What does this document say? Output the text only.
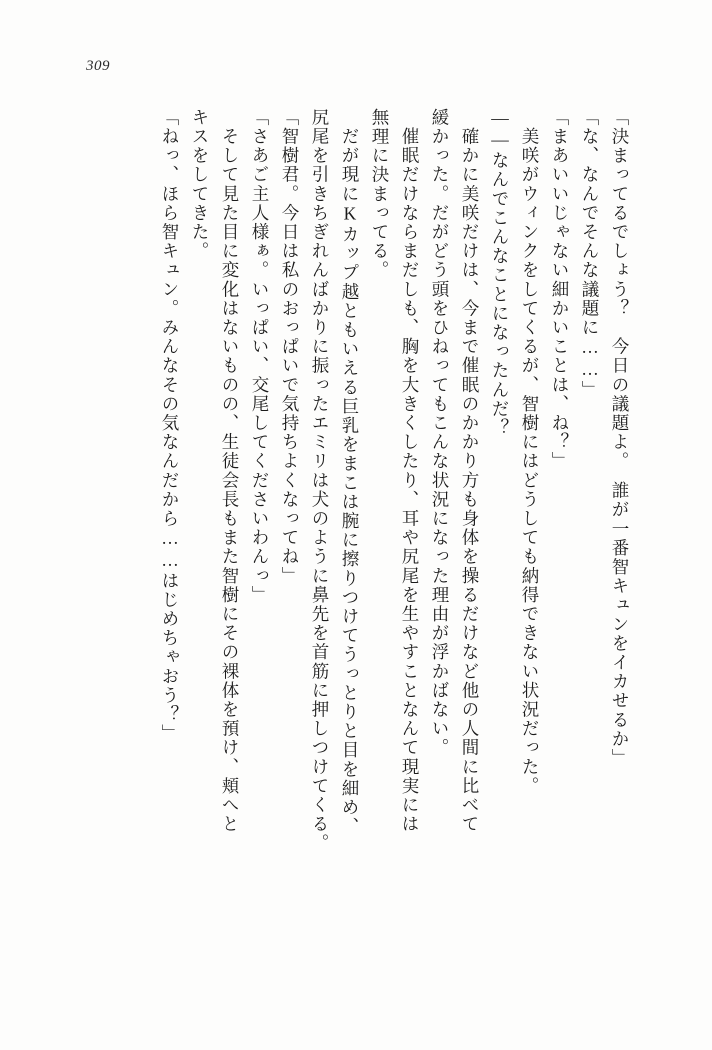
309
「決まってるでしょう？　今日の議題よ。　誰が一番智キュンをイカせるか」
「な、なんでそんな議題に……」
「まあいいじゃない細かいことは、ね？」
　美咲がウィンクをしてくるが、智樹にはどうしても納得できない状況だった。
――なんでこんなことになったんだ？
　確かに美咲だけは、今まで催眠のかかり方も身体を操るだけなど他の人間に比べて
緩かった。だがどう頭をひねってもこんな状況になった理由が浮かばない。
　催眠だけならまだしも、胸を大きくしたり、耳や尻尾を生やすことなんて現実には
無理に決まってる。
　だが現にKカップ越ともいえる巨乳をまこは腕に擦りつけてうっとりと目を細め、
尻尾を引きちぎれんばかりに振ったエミリは犬のように鼻先を首筋に押しつけてくる。
「智樹君。今日は私のおっぱいで気持ちよくなってね」
「さあご主人様ぁ。いっぱい、交尾してくださいわんっ」
　そして見た目に変化はないものの、生徒会長もまた智樹にその裸体を預け、頬へと
キスをしてきた。
「ねっ、ほら智キュン。みんなその気なんだから……はじめちゃおう？」
